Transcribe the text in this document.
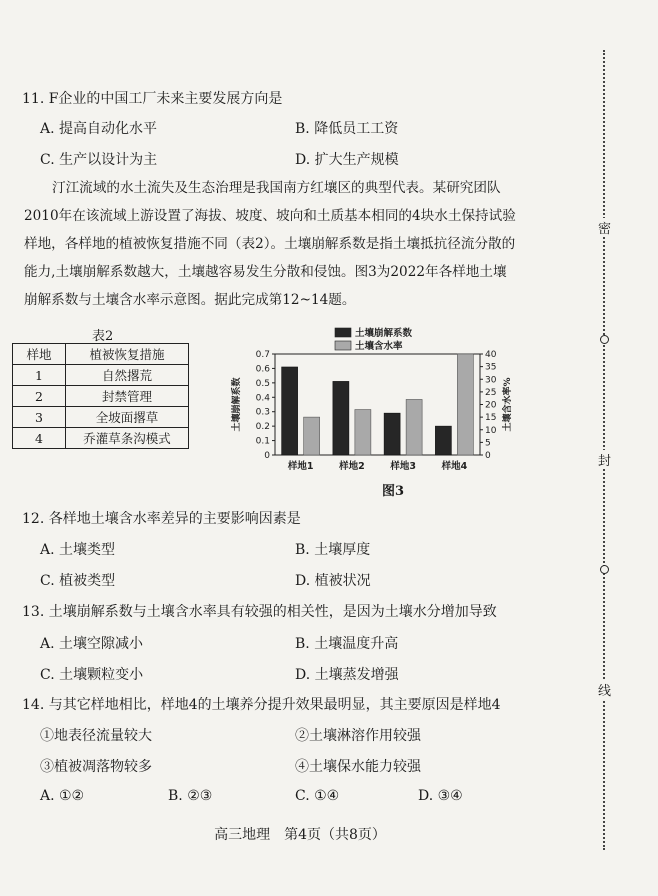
密
封
线
11. F企业的中国工厂未来主要发展方向是
A. 提高自动化水平	B. 降低员工工资
C. 生产以设计为主	D. 扩大生产规模

汀江流域的水土流失及生态治理是我国南方红壤区的典型代表。某研究团队

2010年在该流域上游设置了海拔、坡度、坡向和土质基本相同的4块水土保持试验

样地，各样地的植被恢复措施不同（表2）。土壤崩解系数是指土壤抵抗径流分散的

能力,土壤崩解系数越大，土壤越容易发生分散和侵蚀。图3为2022年各样地土壤

崩解系数与土壤含水率示意图。据此完成第12~14题。

表2
样地	植被恢复措施
1	自然撂荒
2	封禁管理
3	全坡面撂草
4	乔灌草条沟模式
0
0.1
0.2
0.3
0.4
0.5
0.6
0.7
0
5
10
15
20
25
30
35
40
土壤崩解系数	土壤含水率%
样地1	样地2	样地3	样地4
土壤崩解系数
土壤含水率
图3
12. 各样地土壤含水率差异的主要影响因素是
A. 土壤类型	B. 土壤厚度
C. 植被类型	D. 植被状况
13. 土壤崩解系数与土壤含水率具有较强的相关性，是因为土壤水分增加导致
A. 土壤空隙减小	B. 土壤温度升高
C. 土壤颗粒变小	D. 土壤蒸发增强
14. 与其它样地相比，样地4的土壤养分提升效果最明显，其主要原因是样地4
①地表径流量较大	②土壤淋溶作用较强
③植被凋落物较多	④土壤保水能力较强
A. ①②	B. ②③	C. ①④	D. ③④
高三地理　第4页（共8页）
